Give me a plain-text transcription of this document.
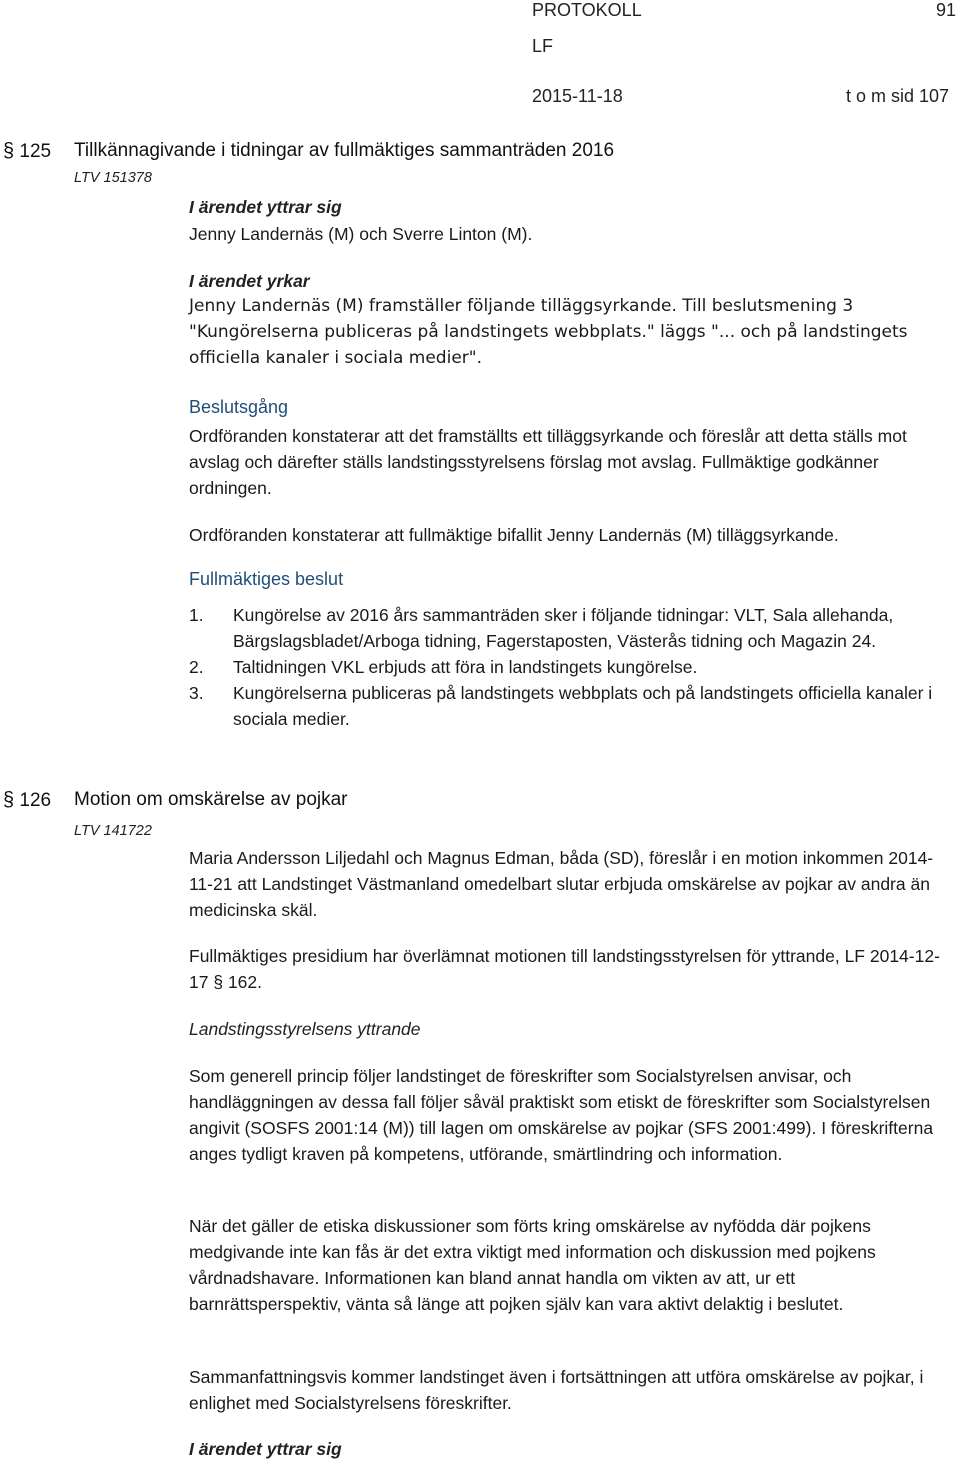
PROTOKOLL	91
LF
2015-11-18	t o m sid 107
§ 125 Tillkännagivande i tidningar av fullmäktiges sammanträden 2016
LTV 151378
I ärendet yttrar sig
Jenny Landernäs (M) och Sverre Linton (M).
I ärendet yrkar

Jenny Landernäs (M) framställer följande tilläggsyrkande. Till beslutsmening 3 "Kungörelserna publiceras på landstingets webbplats." läggs "... och på landstingets officiella kanaler i sociala medier".

Beslutsgång

Ordföranden konstaterar att det framställts ett tilläggsyrkande och föreslår att detta ställs mot avslag och därefter ställs landstingsstyrelsens förslag mot avslag. Fullmäktige godkänner ordningen.

Ordföranden konstaterar att fullmäktige bifallit Jenny Landernäs (M) tilläggsyrkande.

Fullmäktiges beslut
1. Kungörelse av 2016 års sammanträden sker i följande tidningar: VLT, Sala allehanda, Bärgslagsbladet/Arboga tidning, Fagerstaposten, Västerås tidning och Magazin 24.
2. Taltidningen VKL erbjuds att föra in landstingets kungörelse.
3. Kungörelserna publiceras på landstingets webbplats och på landstingets officiella kanaler i sociala medier.
§ 126 Motion om omskärelse av pojkar
LTV 141722

Maria Andersson Liljedahl och Magnus Edman, båda (SD), föreslår i en motion inkommen 2014-11-21 att Landstinget Västmanland omedelbart slutar erbjuda omskärelse av pojkar av andra än medicinska skäl.

Fullmäktiges presidium har överlämnat motionen till landstingsstyrelsen för yttrande, LF 2014-12-17 § 162.

Landstingsstyrelsens yttrande

Som generell princip följer landstinget de föreskrifter som Socialstyrelsen anvisar, och handläggningen av dessa fall följer såväl praktiskt som etiskt de föreskrifter som Socialstyrelsen angivit (SOSFS 2001:14 (M)) till lagen om omskärelse av pojkar (SFS 2001:499). I föreskrifterna anges tydligt kraven på kompetens, utförande, smärtlindring och information.

När det gäller de etiska diskussioner som förts kring omskärelse av nyfödda där pojkens medgivande inte kan fås är det extra viktigt med information och diskussion med pojkens vårdnadshavare. Informationen kan bland annat handla om vikten av att, ur ett barnrättsperspektiv, vänta så länge att pojken själv kan vara aktivt delaktig i beslutet.

Sammanfattningsvis kommer landstinget även i fortsättningen att utföra omskärelse av pojkar, i enlighet med Socialstyrelsens föreskrifter.

I ärendet yttrar sig
